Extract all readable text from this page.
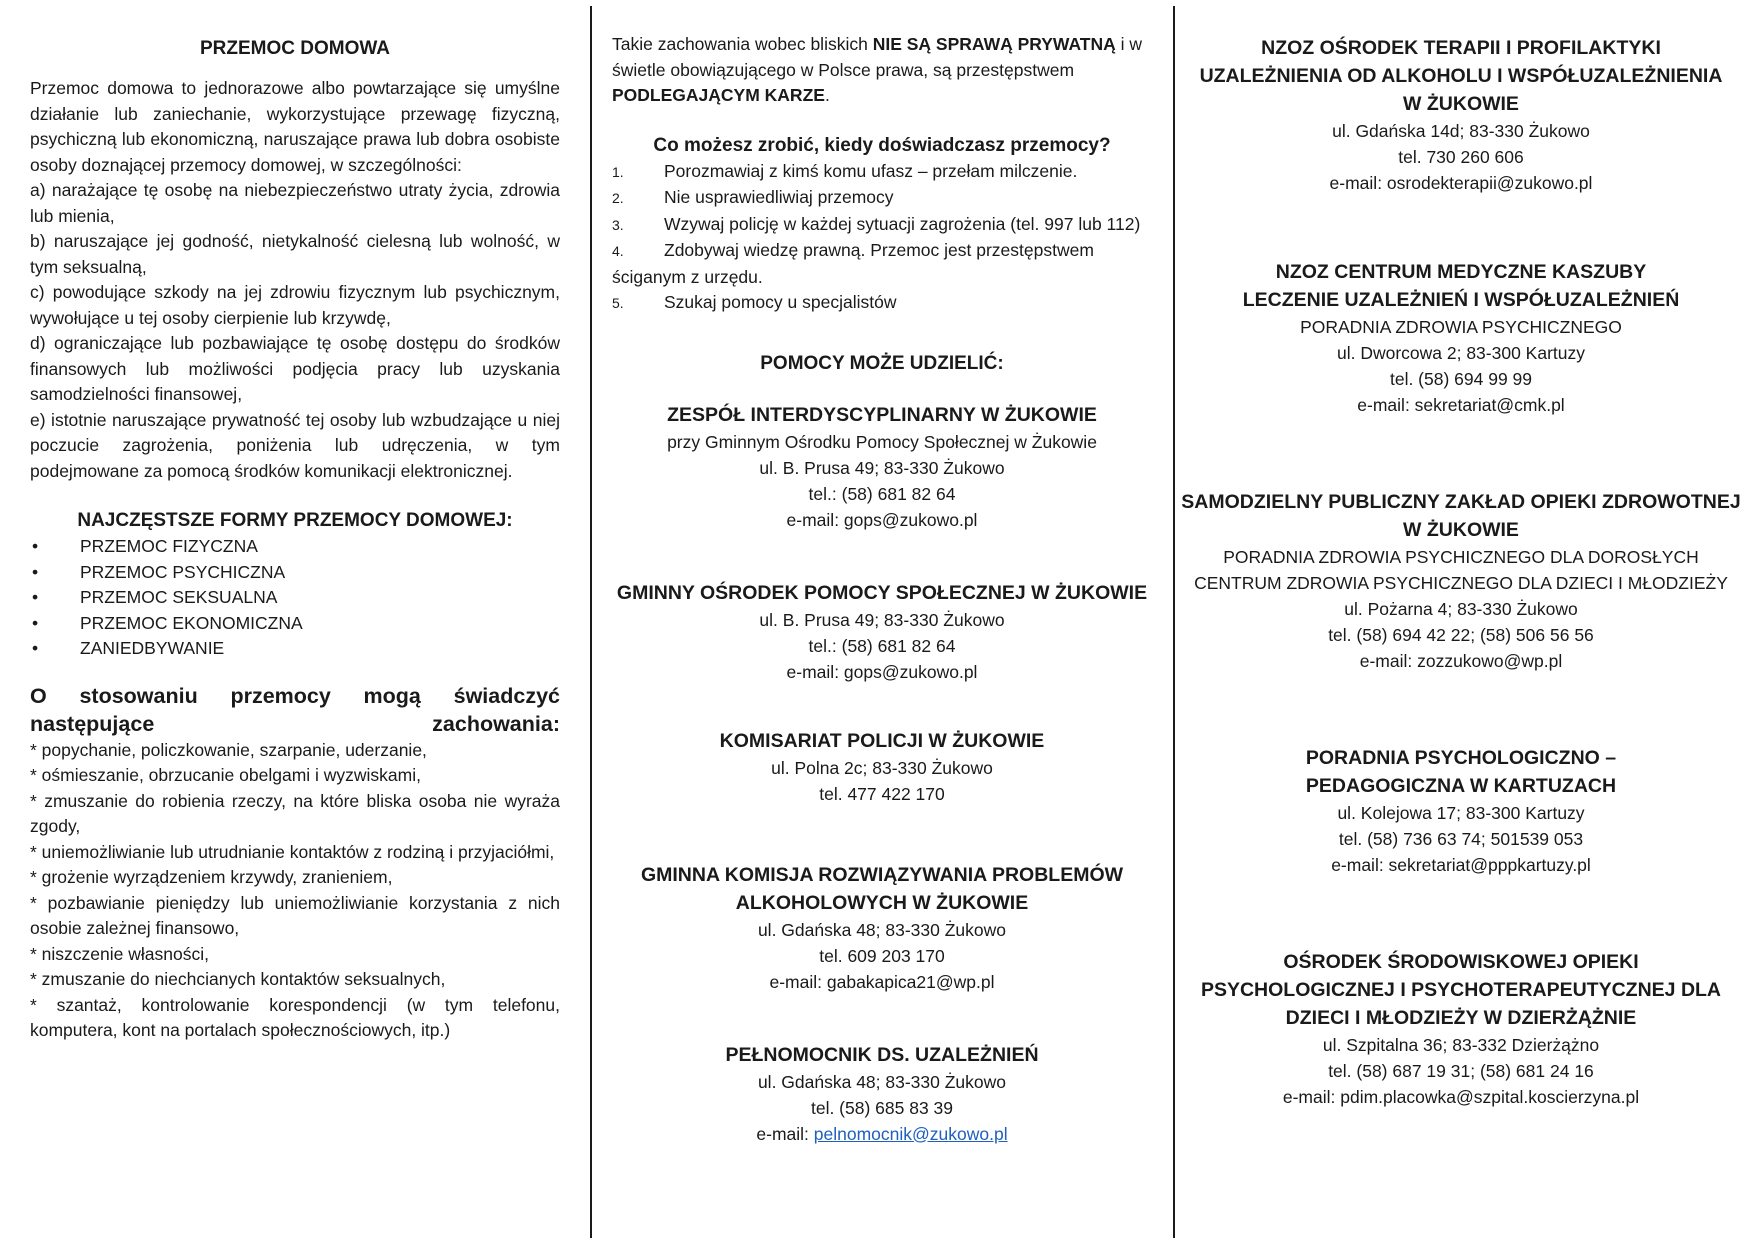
PRZEMOC DOMOWA

Przemoc domowa to jednorazowe albo powtarzające się umyślne działanie lub zaniechanie, wykorzystujące przewagę fizyczną, psychiczną lub ekonomiczną, naruszające prawa lub dobra osobiste osoby doznającej przemocy domowej, w szczególności:

a) narażające tę osobę na niebezpieczeństwo utraty życia, zdrowia lub mienia,

b) naruszające jej godność, nietykalność cielesną lub wolność, w tym seksualną,

c) powodujące szkody na jej zdrowiu fizycznym lub psychicznym, wywołujące u tej osoby cierpienie lub krzywdę,

d) ograniczające lub pozbawiające tę osobę dostępu do środków finansowych lub możliwości podjęcia pracy lub uzyskania samodzielności finansowej,

e) istotnie naruszające prywatność tej osoby lub wzbudzające u niej poczucie zagrożenia, poniżenia lub udręczenia, w tym podejmowane za pomocą środków komunikacji elektronicznej.

NAJCZĘSTSZE FORMY PRZEMOCY DOMOWEJ:

• PRZEMOC FIZYCZNA
• PRZEMOC PSYCHICZNA
• PRZEMOC SEKSUALNA
• PRZEMOC EKONOMICZNA
• ZANIEDBYWANIE

O stosowaniu przemocy mogą świadczyć następujące zachowania:

* popychanie, policzkowanie, szarpanie, uderzanie,

* ośmieszanie, obrzucanie obelgami i wyzwiskami,

* zmuszanie do robienia rzeczy, na które bliska osoba nie wyraża zgody,

* uniemożliwianie lub utrudnianie kontaktów z rodziną i przyjaciółmi,

* grożenie wyrządzeniem krzywdy, zranieniem,

* pozbawianie pieniędzy lub uniemożliwianie korzystania z nich osobie zależnej finansowo,

* niszczenie własności,

* zmuszanie do niechcianych kontaktów seksualnych,

* szantaż, kontrolowanie korespondencji (w tym telefonu, komputera, kont na portalach społecznościowych, itp.)

Takie zachowania wobec bliskich NIE SĄ SPRAWĄ PRYWATNĄ i w świetle obowiązującego w Polsce prawa, są przestępstwem PODLEGAJĄCYM KARZE.

Co możesz zrobić, kiedy doświadczasz przemocy?

1. Porozmawiaj z kimś komu ufasz – przełam milczenie.
2. Nie usprawiedliwiaj przemocy
3. Wzywaj policję w każdej sytuacji zagrożenia (tel. 997 lub 112)
4. Zdobywaj wiedzę prawną. Przemoc jest przestępstwem ściganym z urzędu.
5. Szukaj pomocy u specjalistów

POMOCY MOŻE UDZIELIĆ:

ZESPÓŁ INTERDYSCYPLINARNY W ŻUKOWIE

przy Gminnym Ośrodku Pomocy Społecznej w Żukowie

ul. B. Prusa 49; 83-330 Żukowo

tel.: (58) 681 82 64

e-mail: gops@zukowo.pl

GMINNY OŚRODEK POMOCY SPOŁECZNEJ W ŻUKOWIE

ul. B. Prusa 49; 83-330 Żukowo

tel.: (58) 681 82 64

e-mail: gops@zukowo.pl

KOMISARIAT POLICJI W ŻUKOWIE

ul. Polna 2c; 83-330 Żukowo

tel. 477 422 170

GMINNA KOMISJA ROZWIĄZYWANIA PROBLEMÓW ALKOHOLOWYCH W ŻUKOWIE

ul. Gdańska 48; 83-330 Żukowo

tel. 609 203 170

e-mail: gabakapica21@wp.pl

PEŁNOMOCNIK DS. UZALEŻNIEŃ

ul. Gdańska 48; 83-330 Żukowo

tel. (58) 685 83 39

e-mail: pelnomocnik@zukowo.pl

NZOZ OŚRODEK TERAPII I PROFILAKTYKI UZALEŻNIENIA OD ALKOHOLU I WSPÓŁUZALEŻNIENIA W ŻUKOWIE

ul. Gdańska 14d; 83-330 Żukowo

tel. 730 260 606

e-mail: osrodekterapii@zukowo.pl

NZOZ CENTRUM MEDYCZNE KASZUBY LECZENIE UZALEŻNIEŃ I WSPÓŁUZALEŻNIEŃ

PORADNIA ZDROWIA PSYCHICZNEGO

ul. Dworcowa 2; 83-300 Kartuzy

tel. (58) 694 99 99

e-mail: sekretariat@cmk.pl

SAMODZIELNY PUBLICZNY ZAKŁAD OPIEKI ZDROWOTNEJ W ŻUKOWIE

PORADNIA ZDROWIA PSYCHICZNEGO DLA DOROSŁYCH

CENTRUM ZDROWIA PSYCHICZNEGO DLA DZIECI I MŁODZIEŻY

ul. Pożarna 4; 83-330 Żukowo

tel. (58) 694 42 22; (58) 506 56 56

e-mail: zozzukowo@wp.pl

PORADNIA PSYCHOLOGICZNO – PEDAGOGICZNA W KARTUZACH

ul. Kolejowa 17; 83-300 Kartuzy

tel. (58) 736 63 74; 501539 053

e-mail: sekretariat@pppkartuzy.pl

OŚRODEK ŚRODOWISKOWEJ OPIEKI PSYCHOLOGICZNEJ I PSYCHOTERAPEUTYCZNEJ DLA DZIECI I MŁODZIEŻY W DZIERŻĄŻNIE

ul. Szpitalna 36; 83-332 Dzierżążno

tel. (58) 687 19 31; (58) 681 24 16

e-mail: pdim.placowka@szpital.koscierzyna.pl
